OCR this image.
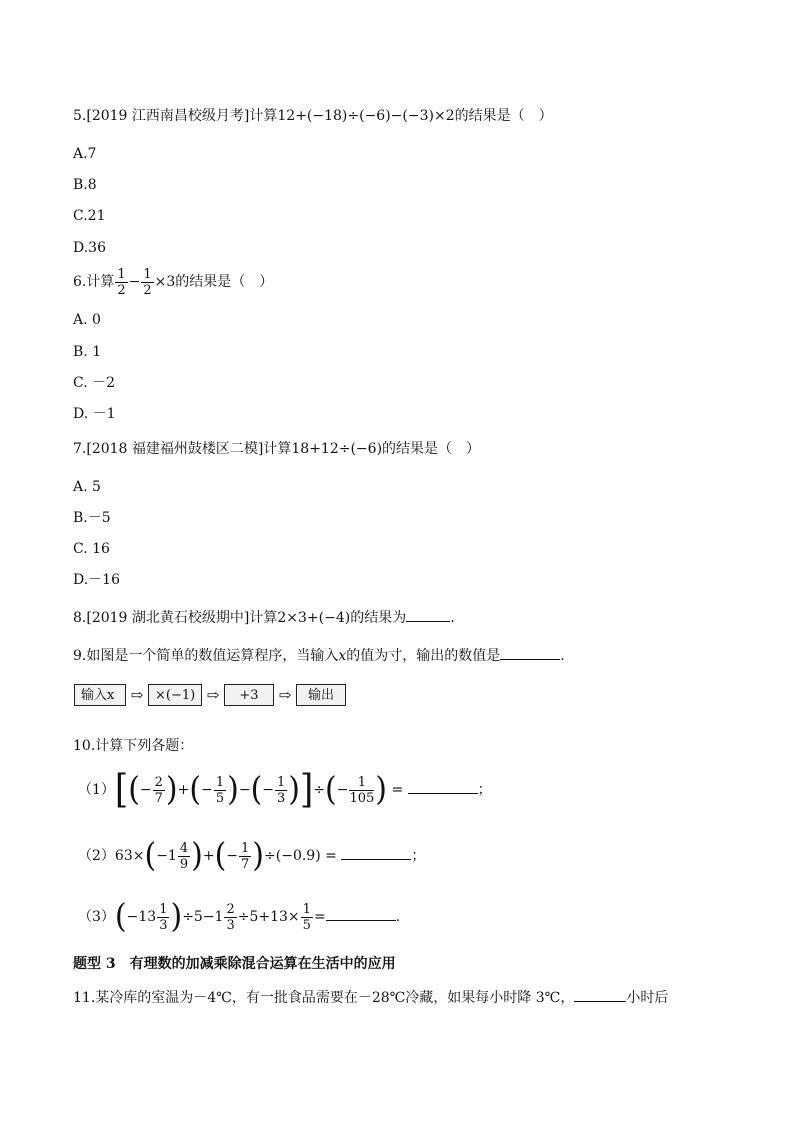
5.[2019 江西南昌校级月考]计算12+(−18)÷(−6)−(−3)×2的结果是（　）
A.7
B.8
C.21
D.36
6.计算 $\frac{1}{2} - \frac{1}{2} \times 3$的结果是（　）
A. 0
B. 1
C. －2
D. －1
7.[2018 福建福州鼓楼区二模]计算18+12÷(−6)的结果是（　）
A. 5
B.－5
C. 16
D.－16
8.[2019 湖北黄石校级期中]计算2×3+(−4)的结果为	.
9.如图是一个简单的数值运算程序，当输入x的值为寸，输出的数值是	.
输入x	⇨ ×(−1) ⇨	+3	⇨	输出
10.计算下列各题：
$(1)[(- \frac{2}{7}$ )+(− $\frac{1}{5}$ )−(− $\frac{1}{3}$ )]÷(− $\frac{1}{105}$ ) =	；
$(2)63\times( -1 \frac{4}{9}$ )+(− $\frac{1}{7} )\div(-0.9)$ =	；
$(3)( -13 \frac{1}{3} )\div 5-1 \frac{2}{3} \div 5+13\times \frac{1}{5}$ =	.
题型 3　有理数的加减乘除混合运算在生活中的应用
11.某冷库的室温为－4℃，有一批食品需要在－28℃冷藏，如果每小时降 3℃，	小时后
